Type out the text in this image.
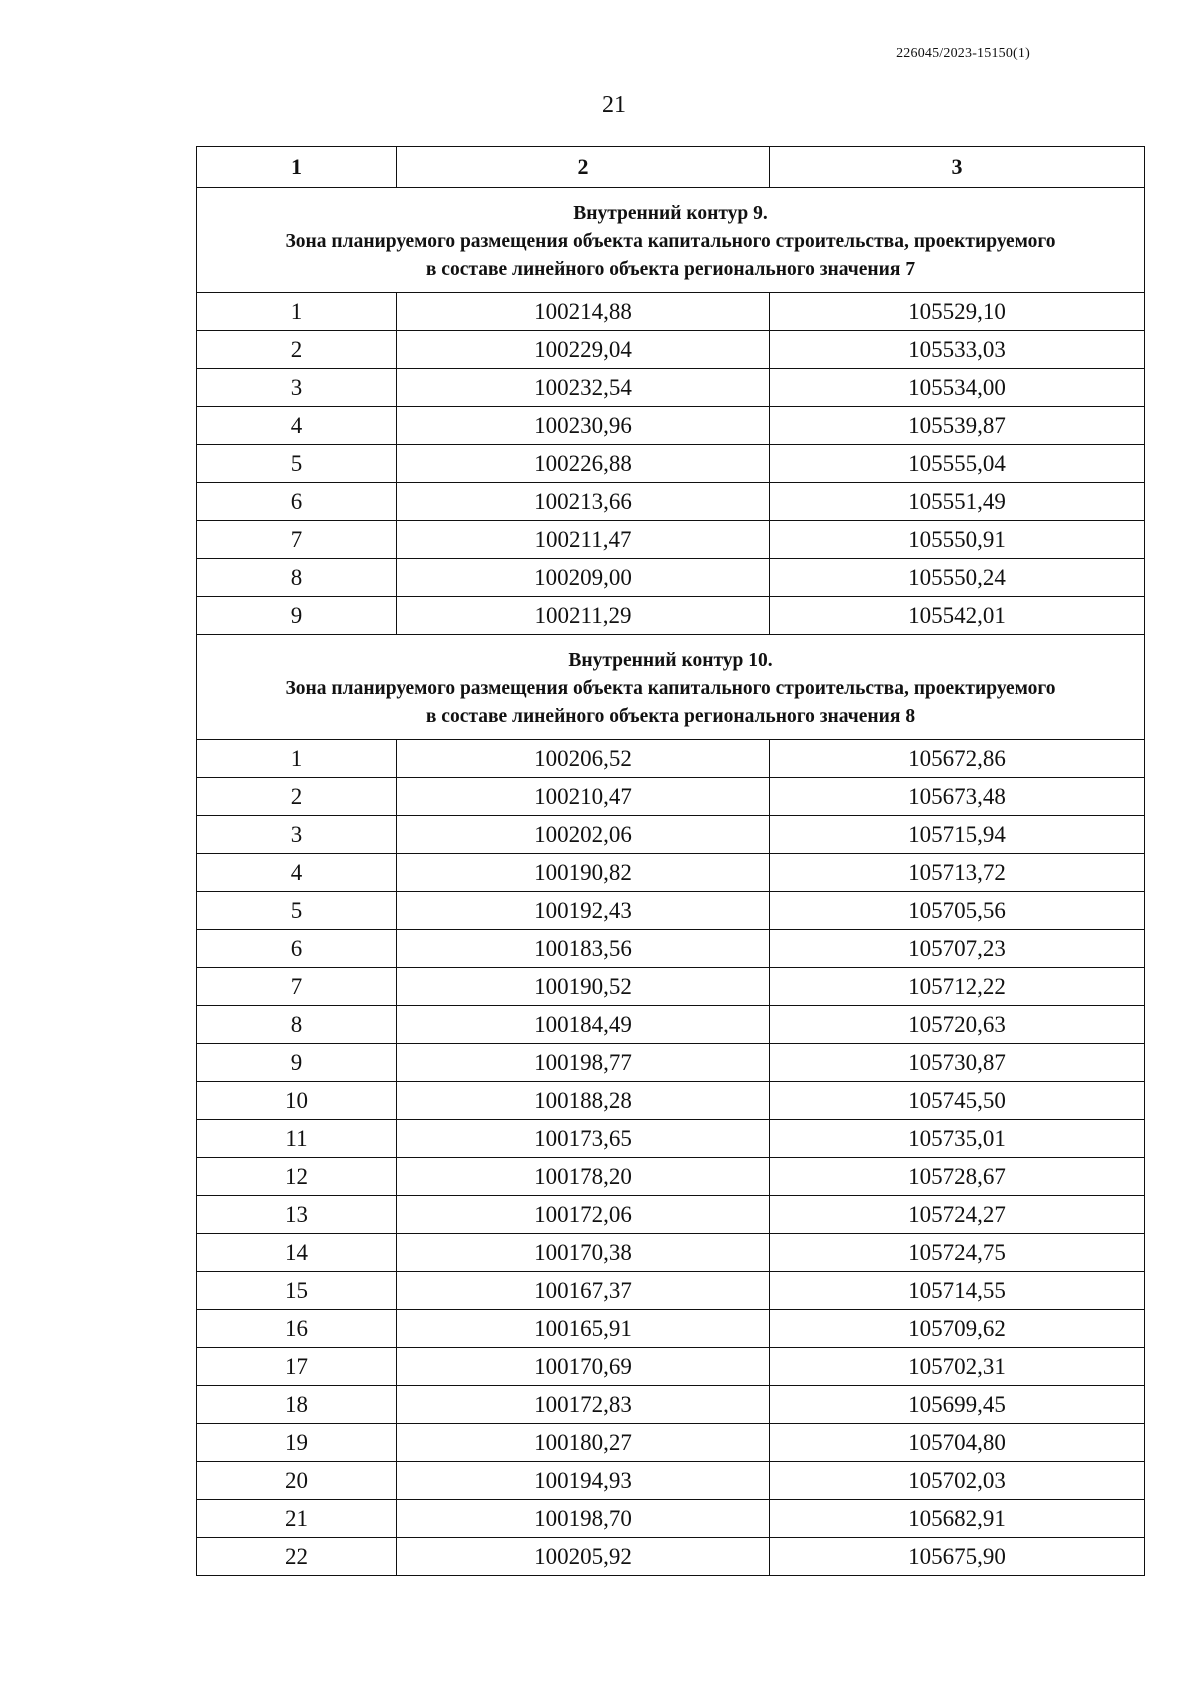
226045/2023-15150(1)
21
1	2	3

Внутренний контур 9.
Зона планируемого размещения объекта капитального строительства, проектируемого
в составе линейного объекта регионального значения 7		

1	100214,88	105529,10
2	100229,04	105533,03
3	100232,54	105534,00
4	100230,96	105539,87
5	100226,88	105555,04
6	100213,66	105551,49
7	100211,47	105550,91
8	100209,00	105550,24
9	100211,29	105542,01

Внутренний контур 10.
Зона планируемого размещения объекта капитального строительства, проектируемого
в составе линейного объекта регионального значения 8		

1	100206,52	105672,86
2	100210,47	105673,48
3	100202,06	105715,94
4	100190,82	105713,72
5	100192,43	105705,56
6	100183,56	105707,23
7	100190,52	105712,22
8	100184,49	105720,63
9	100198,77	105730,87
10	100188,28	105745,50
11	100173,65	105735,01
12	100178,20	105728,67
13	100172,06	105724,27
14	100170,38	105724,75
15	100167,37	105714,55
16	100165,91	105709,62
17	100170,69	105702,31
18	100172,83	105699,45
19	100180,27	105704,80
20	100194,93	105702,03
21	100198,70	105682,91
22	100205,92	105675,90
